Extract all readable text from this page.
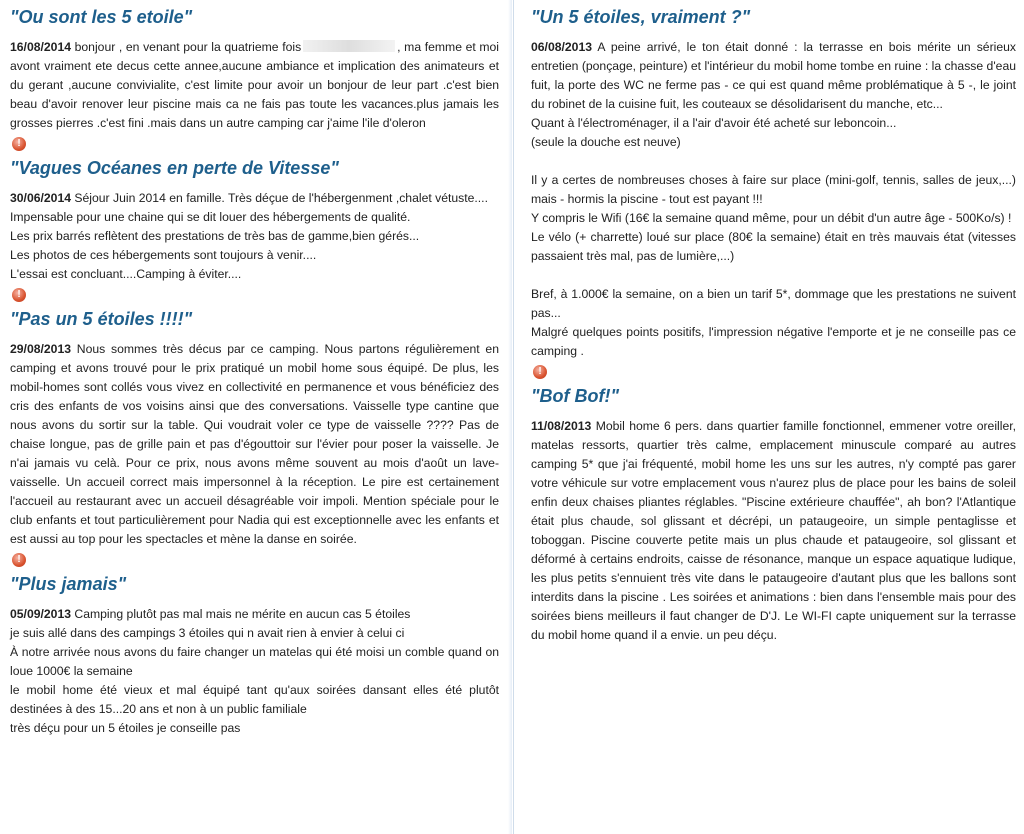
"Ou sont les 5 etoile"
16/08/2014 bonjour , en venant pour la quatrieme fois	, ma femme et moi avont vraiment ete decus cette annee,aucune ambiance et implication des animateurs et du gerant ,aucune convivialite, c'est limite pour avoir un bonjour de leur part .c'est bien beau d'avoir renover leur piscine mais ca ne fais pas toute les vacances.plus jamais les grosses pierres .c'est fini .mais dans un autre camping car j'aime l'ile d'oleron
!
"Vagues Océanes en perte de Vitesse"

30/06/2014 Séjour Juin 2014 en famille. Très déçue de l'hébergenment ,chalet vétuste....

Impensable pour une chaine qui se dit louer des hébergements de qualité.

Les prix barrés reflètent des prestations de très bas de gamme,bien gérés...

Les photos de ces hébergements sont toujours à venir....

L'essai est concluant....Camping à éviter....

!
"Pas un 5 étoiles !!!!"
29/08/2013 Nous sommes très décus par ce camping. Nous partons régulièrement en camping et avons trouvé pour le prix pratiqué un mobil home sous équipé. De plus, les mobil-homes sont collés vous vivez en collectivité en permanence et vous bénéficiez des cris des enfants de vos voisins ainsi que des conversations. Vaisselle type cantine que nous avons du sortir sur la table. Qui voudrait voler ce type de vaisselle ???? Pas de chaise longue, pas de grille pain et pas d'égouttoir sur l'évier pour poser la vaisselle. Je n'ai jamais vu celà. Pour ce prix, nous avons même souvent au mois d'août un lave-vaisselle. Un accueil correct mais impersonnel à la réception. Le pire est certainement l'accueil au restaurant avec un accueil désagréable voir impoli. Mention spéciale pour le club enfants et tout particulièrement pour Nadia qui est exceptionnelle avec les enfants et est aussi au top pour les spectacles et mène la danse en soirée.
!
"Plus jamais"

05/09/2013 Camping plutôt pas mal mais ne mérite en aucun cas 5 étoiles

je suis allé dans des campings 3 étoiles qui n avait rien à envier à celui ci

À notre arrivée nous avons du faire changer un matelas qui été moisi un comble quand on loue 1000€ la semaine

le mobil home été vieux et mal équipé tant qu'aux soirées dansant elles été plutôt destinées à des 15...20 ans et non à un public familiale

très déçu pour un 5 étoiles je conseille pas

"Un 5 étoiles, vraiment ?"

06/08/2013 A peine arrivé, le ton était donné : la terrasse en bois mérite un sérieux entretien (ponçage, peinture) et l'intérieur du mobil home tombe en ruine : la chasse d'eau fuit, la porte des WC ne ferme pas - ce qui est quand même problématique à 5 -, le joint du robinet de la cuisine fuit, les couteaux se désolidarisent du manche, etc...

Quant à l'électroménager, il a l'air d'avoir été acheté sur leboncoin...

(seule la douche est neuve)

Il y a certes de nombreuses choses à faire sur place (mini-golf, tennis, salles de jeux,...) mais - hormis la piscine - tout est payant !!!

Y compris le Wifi (16€ la semaine quand même, pour un débit d'un autre âge - 500Ko/s) !

Le vélo (+ charrette) loué sur place (80€ la semaine) était en très mauvais état (vitesses passaient très mal, pas de lumière,...)

Bref, à 1.000€ la semaine, on a bien un tarif 5*, dommage que les prestations ne suivent pas...

Malgré quelques points positifs, l'impression négative l'emporte et je ne conseille pas ce camping .

!
"Bof Bof!"
11/08/2013 Mobil home 6 pers. dans quartier famille fonctionnel, emmener votre oreiller, matelas ressorts, quartier très calme, emplacement minuscule comparé au autres camping 5* que j'ai fréquenté, mobil home les uns sur les autres, n'y compté pas garer votre véhicule sur votre emplacement vous n'aurez plus de place pour les bains de soleil enfin deux chaises pliantes réglables. "Piscine extérieure chauffée", ah bon? l'Atlantique était plus chaude, sol glissant et décrépi, un pataugeoire, un simple pentaglisse et toboggan. Piscine couverte petite mais un plus chaude et pataugeoire, sol glissant et déformé à certains endroits, caisse de résonance, manque un espace aquatique ludique, les plus petits s'ennuient très vite dans le pataugeoire d'autant plus que les ballons sont interdits dans la piscine . Les soirées et animations : bien dans l'ensemble mais pour des soirées biens meilleurs il faut changer de D'J. Le WI-FI capte uniquement sur la terrasse du mobil home quand il a envie. un peu déçu.
